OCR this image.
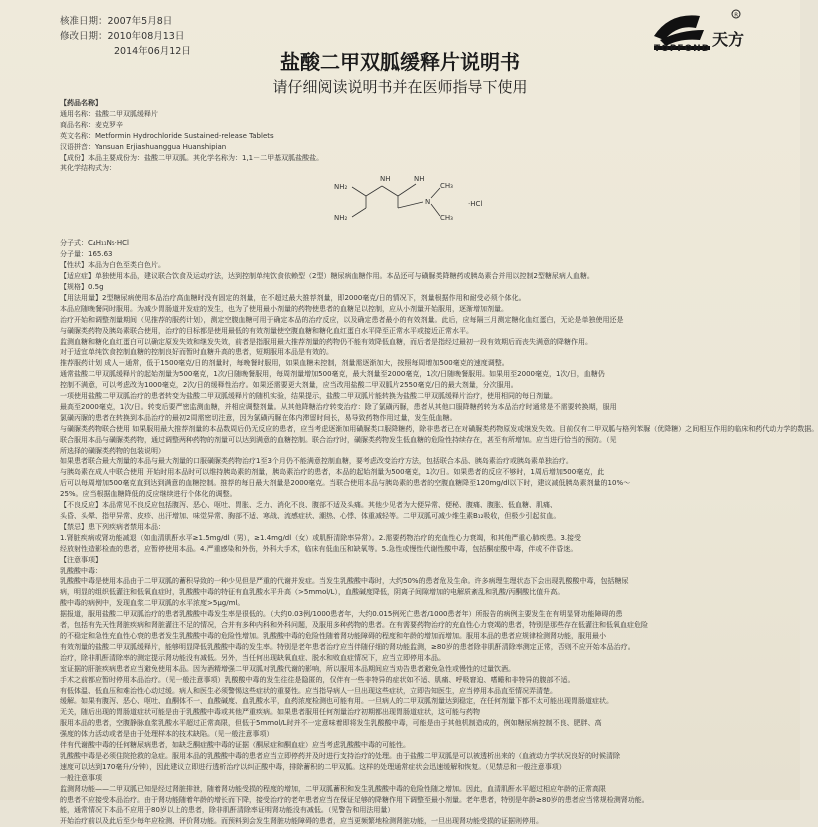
核准日期：2007年5月8日
修改日期：2010年08月13日
2014年06月12日
R
天方
TOPFOND
盐酸二甲双胍缓释片说明书
请仔细阅读说明书并在医师指导下使用

【药品名称】

通用名称：盐酸二甲双胍缓释片

商品名称：麦克罗辛

英文名称：Metformin Hydrochloride Sustained-release Tablets

汉语拼音：Yansuan Erjiashuanggua Huanshipian

【成份】本品主要成份为：盐酸二甲双胍。其化学名称为：1,1－二甲基双胍盐酸盐。

其化学结构式为：

NH₂
NH₂
NH	NH
N
CH₃
CH₃
·HCl

分子式：C₄H₁₁N₅·HCl

分子量：165.63

【性状】本品为白色至类白色片。

【适应症】单独使用本品，建议联合饮食及运动疗法，达到控制单纯饮食依赖型（2型）糖尿病血糖作用。本品还可与磺脲类降糖药或胰岛素合并用以控制2型糖尿病人血糖。

【规格】0.5g

【用法用量】2型糖尿病使用本品治疗高血糖时没有固定的剂量，在不超过最大推荐剂量，即2000毫克/日的情况下，剂量根据作用和耐受必须个体化。

本品应随晚餐同时服用。为减少胃肠道并发症的发生，也为了使用最小剂量的药物使患者的血糖足以控制，应从小剂量开始服用，逐渐增加剂量。

治疗开始和调整剂量期间（见推荐的服药计划），测定空腹血糖可用于确定本品的治疗反应，以及确定患者最小的有效剂量。此后，应每隔三月测定糖化血红蛋白，无论是单独使用还是

与磺脲类药物及胰岛素联合使用，治疗的目标都是使用最低的有效剂量使空腹血糖和糖化血红蛋白水平降至正常水平或接近正常水平。

监测血糖和糖化血红蛋白可以确定原发失效和继发失效，前者是指服用最大推荐剂量的药物仍不能有效降低血糖，而后者是指经过最初一段有效期后而丧失满意的降糖作用。

对于适宜单纯饮食控制血糖的控制良好而暂时血糖升高的患者，短期服用本品是有效的。

推荐服药计划 成人－通常，低于1500毫克/日的剂量时，每晚餐时服用，如果血糖未控制，剂量需逐渐加大，按照每周增加500毫克的速度调整。

通常盐酸二甲双胍缓释片的起始剂量为500毫克，1次/日随晚餐服用，每周剂量增加500毫克，最大剂量至2000毫克，1次/日随晚餐服用。如果用至2000毫克，1次/日，血糖仍

控制不满意，可以考虑改为1000毫克，2次/日的缓释性治疗。如果还需要更大剂量，应当改用盐酸二甲双胍片2550毫克/日的最大剂量，分次服用。

一项使用盐酸二甲双胍治疗的患者转变为盐酸二甲双胍缓释片的随机实验，结果提示，盐酸二甲双胍片能转换为盐酸二甲双胍缓释片治疗，使用相同的每日剂量。

最高至2000毫克，1次/日。转变后要严密监测血糖，并相应调整剂量。从其他降糖治疗转变治疗：除了氯磺丙脲，患者从其他口服降糖药转为本品治疗时通常是不需要转换期，服用

氯磺丙脲的患者在转换到本品治疗的最初2周需密切注意，因为氯磺丙脲在体内滞留时间长，易导致药物作用过量，发生低血糖。

与磺脲类药物联合使用 如果服用最大推荐剂量的本品数周后仍无反应的患者，应当考虑逐渐加用磺脲类口服降糖药，除非患者已在对磺脲类药物原发或继发失效。目前仅有二甲双胍与格列苯脲（优降糖）之间相互作用的临床和药代动力学的数据。

联合服用本品与磺脲类药物，通过调整两种药物的剂量可以达到满意的血糖控制。联合治疗时，磺脲类药物发生低血糖的危险性持续存在，甚至有所增加。应当进行恰当的预防。（见

所选择的磺脲类药物的包装说明）

如果患者联合最大剂量的本品与最大剂量的口服磺脲类药物治疗1至3个月仍不能满意控制血糖，要考虑改变治疗方法，包括联合本品、胰岛素治疗或胰岛素单独治疗。

与胰岛素在成人中联合使用 开始时用本品时可以维持胰岛素的剂量，胰岛素治疗的患者，本品的起始剂量为500毫克，1次/日。如果患者的反应不够时，1周后增加500毫克，此

后可以每周增加500毫克直到达到满意的血糖控制。推荐的每日最大剂量是2000毫克。当联合使用本品与胰岛素的患者的空腹血糖降至120mg/dl以下时，建议减低胰岛素剂量的10%～

25%。应当根据血糖降低的反应继续进行个体化的调整。

【不良反应】本品常见不良反应包括腹泻、恶心、呕吐、胃胀、乏力、消化不良、腹部不适及头痛。其他少见者为大便异常、便秘、腹痛、腹胀、低血糖、肌痛、

头昏、头晕、指甲异常、皮疹、出汗增加、味觉异常、胸部不适、寒战、流感症状、潮热、心悸、体重减轻等。二甲双胍可减少维生素B₁₂吸收，但极少引起贫血。

【禁忌】患下列疾病者禁用本品：

1.肾脏疾病或肾功能减退（如血清肌酐水平≥1.5mg/dl（男），≥1.4mg/dl（女）或肌酐清除率异常）。2.需要药物治疗的充血性心力衰竭，和其他严重心肺疾患。3.接受

经放射性造影检查的患者，应暂停使用本品。4.严重感染和外伤，外科大手术，临床有低血压和缺氧等。5.急性或慢性代谢性酸中毒，包括酮症酸中毒，伴或不伴昏迷。

【注意事项】

乳酸酸中毒：

乳酸酸中毒是使用本品由于二甲双胍的蓄积导致的一种少见但是严重的代谢并发症。当发生乳酸酸中毒时，大约50%的患者危及生命。许多病理生理状态下会出现乳酸酸中毒，包括糖尿

病，明显的组织低灌注和低氧血症时，乳酸酸中毒的特征有血乳酸水平升高（>5mmol/L），血酸碱度降低，阴离子间隙增加的电解质紊乱和乳酸/丙酮酸比值升高。

酸中毒的病例中，发现血浆二甲双胍的水平浓度>5μg/ml。

据报道，服用盐酸二甲双胍治疗的患者乳酸酸中毒发生率是很低的。（大约0.03例/1000患者年，大约0.015例死亡患者/1000患者年）所报告的病例主要发生在有明显肾功能障碍的患

者，包括有先天性肾脏疾病和肾脏灌注不足的情况，合并有多种内科和外科问题，及服用多种药物的患者。在有需要药物治疗的充血性心力衰竭的患者，特别是那些存在低灌注和低氧血症危险

的不稳定和急性充血性心衰的患者发生乳酸酸中毒的危险性增加。乳酸酸中毒的危险性随着肾功能障碍的程度和年龄的增加而增加。服用本品的患者应规律检测肾功能，服用最小

有效剂量的盐酸二甲双胍缓释片，能够明显降低乳酸酸中毒的发生率。特别是老年患者治疗应当伴随仔细的肾功能监测，≥80岁的患者除非肌酐清除率测定正常，否则不应开始本品治疗。

治疗，除非肌酐清除率的测定提示肾功能没有减低。另外，当任何出现缺氧血症、脱水和败血症情况下，应当立即停用本品。

室证据的肝脏疾病患者应当避免使用本品。因为酒精增强二甲双胍对乳酸代谢的影响，所以服用本品期间应当劝告患者避免急性或慢性的过量饮酒。

手术之前都应暂时停用本品治疗。（见一般注意事项）乳酸酸中毒的发生往往是隐匿的，仅伴有一些非特异的症状如不适、肌痛、呼吸窘迫、嗜睡和非特异的腹部不适。

有低体温、低血压和难治性心动过缓。病人和医生必须警惕这些症状的重要性。应当指导病人一旦出现这些症状，立即告知医生，应当停用本品直至情况弄清楚。

缓解。如果有腹泻、恶心、呕吐、血酮体不一、血酸碱度、血乳酸水平，血药浓度检测也可能有用。一旦病人的二甲双胍剂量达到稳定，在任何剂量下都不太可能出现胃肠道症状。

无关，随后出现的胃肠道症状可能是由于乳酸酸中毒或其他严重疾病。如果患者服用任何剂量治疗初期都出现胃肠道症状，这可能与药物

服用本品的患者，空腹静脉血浆乳酸水平超过正常高限，但低于5mmol/L时并不一定意味着即将发生乳酸酸中毒，可能是由于其他机制造成的，例如糖尿病控制不良、肥胖、高

强度的体力活动或者是由于处理样本的技术缺陷。（见一般注意事项）

伴有代谢酸中毒的任何糖尿病患者，如缺乏酮症酸中毒的证据（酮尿症和酮血症）应当考虑乳酸酸中毒的可能性。

乳酸酸中毒是必须住院抢救的急症。服用本品的乳酸酸中毒的患者应当立即停药并及时进行支持治疗的处理。由于盐酸二甲双胍是可以被透析出来的（血液动力学状况良好的时候清除

速度可以达到170毫升/分钟），因此建议立即进行透析治疗以纠正酸中毒，排除蓄积的二甲双胍。这样的处理通常症状会迅速缓解和恢复。（见禁忌和一般注意事项）

一般注意事项

监测肾功能——二甲双胍已知是经过肾脏排泄，随着肾功能受损的程度的增加，二甲双胍蓄积和发生乳酸酸中毒的危险性随之增加。因此，血清肌酐水平超过相应年龄的正常高限

的患者不应接受本品治疗。由于肾功能随着年龄的增长而下降，接受治疗的老年患者应当在保证足够的降糖作用下调整至最小剂量。老年患者，特别是年龄≥80岁的患者应当常规检测肾功能。

能，通常情况下本品不应用于80岁以上的患者，除非肌酐清除率证明肾功能没有减低。（见警告和用法用量）

开始治疗前以及此后至少每年应检测、评价肾功能。而预料到会发生肾脏功能障碍的患者，应当更频繁地检测肾脏功能，一旦出现肾功能受损的证据则停用。
